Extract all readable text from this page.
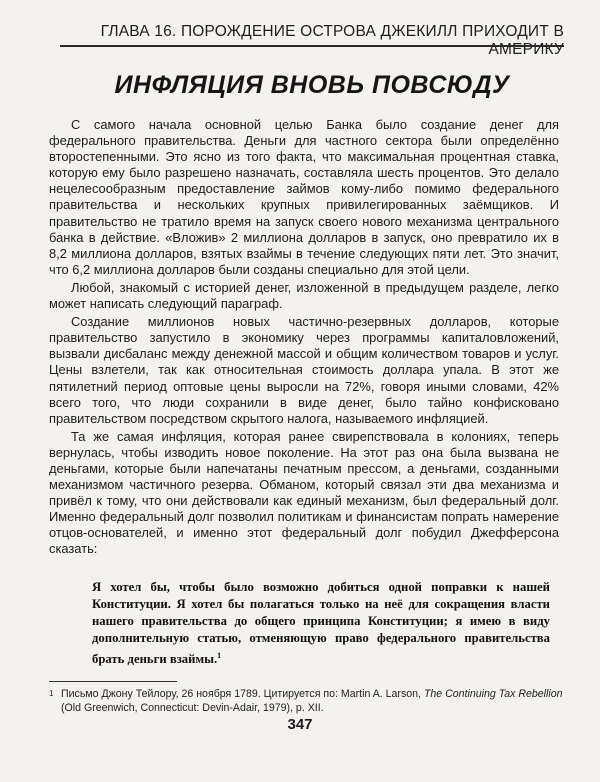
ГЛАВА 16. ПОРОЖДЕНИЕ ОСТРОВА ДЖЕКИЛЛ ПРИХОДИТ В АМЕРИКУ
ИНФЛЯЦИЯ ВНОВЬ ПОВСЮДУ

С самого начала основной целью Банка было создание денег для федерального правительства. Деньги для частного сектора были определённо второстепенными. Это ясно из того факта, что максимальная процентная ставка, которую ему было разрешено назначать, составляла шесть процентов. Это делало нецелесообразным предоставление займов кому-либо помимо федерального правительства и нескольких крупных привилегированных заёмщиков. И правительство не тратило время на запуск своего нового механизма центрального банка в действие. «Вложив» 2 миллиона долларов в запуск, оно превратило их в 8,2 миллиона долларов, взятых взаймы в течение следующих пяти лет. Это значит, что 6,2 миллиона долларов были созданы специально для этой цели.

Любой, знакомый с историей денег, изложенной в предыдущем разделе, легко может написать следующий параграф.

Создание миллионов новых частично-резервных долларов, которые правительство запустило в экономику через программы капиталовложений, вызвали дисбаланс между денежной массой и общим количеством товаров и услуг. Цены взлетели, так как относительная стоимость доллара упала. В этот же пятилетний период оптовые цены выросли на 72%, говоря иными словами, 42% всего того, что люди сохранили в виде денег, было тайно конфисковано правительством посредством скрытого налога, называемого инфляцией.

Та же самая инфляция, которая ранее свирепствовала в колониях, теперь вернулась, чтобы изводить новое поколение. На этот раз она была вызвана не деньгами, которые были напечатаны печатным прессом, а деньгами, созданными механизмом частичного резерва. Обманом, который связал эти два механизма и привёл к тому, что они действовали как единый механизм, был федеральный долг. Именно федеральный долг позволил политикам и финансистам попрать намерение отцов-основателей, и именно этот федеральный долг побудил Джефферсона сказать:

Я хотел бы, чтобы было возможно добиться одной поправки к нашей Конституции. Я хотел бы полагаться только на неё для сокращения власти нашего правительства до общего принципа Конституции; я имею в виду дополнительную статью, отменяющую право федерального правительства брать деньги взаймы.$^1$
1 Письмо Джону Тейлору, 26 ноября 1789. Цитируется по: Martin A. Larson, The Continuing Tax Rebellion (Old Greenwich, Connecticut: Devin-Adair, 1979), p. XII.
347
